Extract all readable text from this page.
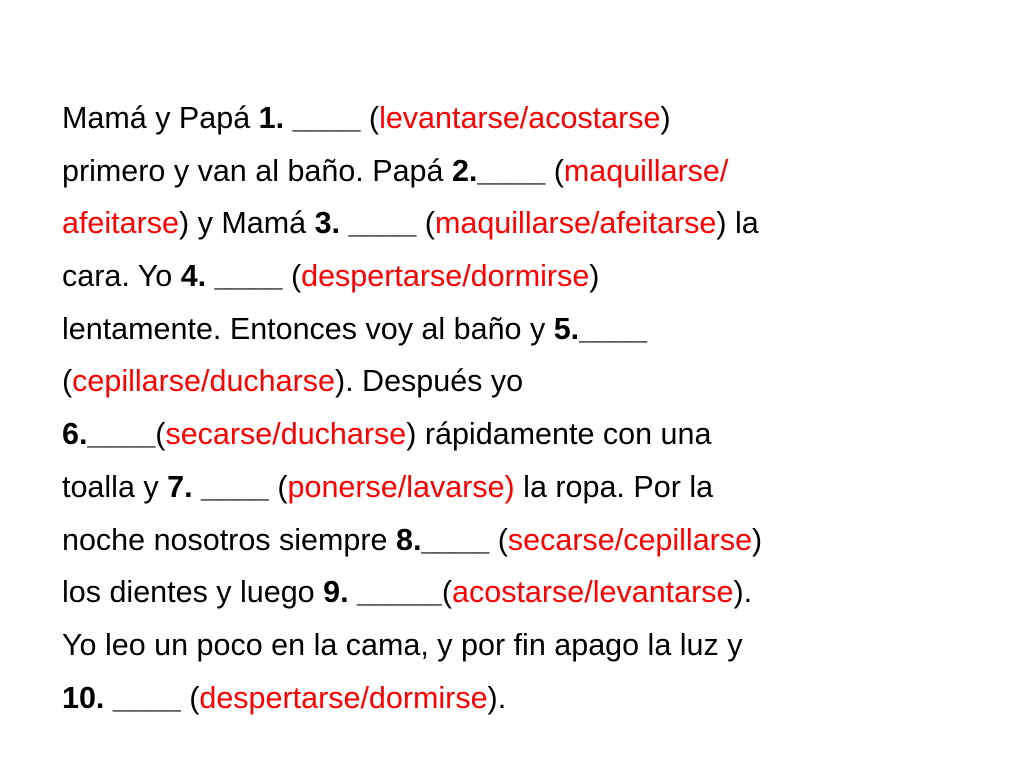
Mamá y Papá 1. ____ (levantarse/acostarse)
primero y van al baño. Papá 2.____ (maquillarse/
afeitarse) y Mamá 3. ____ (maquillarse/afeitarse) la
cara. Yo 4. ____ (despertarse/dormirse)
lentamente. Entonces voy al baño y 5.____
(cepillarse/ducharse). Después yo
6.____(secarse/ducharse) rápidamente con una
toalla y 7. ____ (ponerse/lavarse) la ropa. Por la
noche nosotros siempre 8.____ (secarse/cepillarse)
los dientes y luego 9. _____(acostarse/levantarse).
Yo leo un poco en la cama, y por fin apago la luz y
10. ____ (despertarse/dormirse).
